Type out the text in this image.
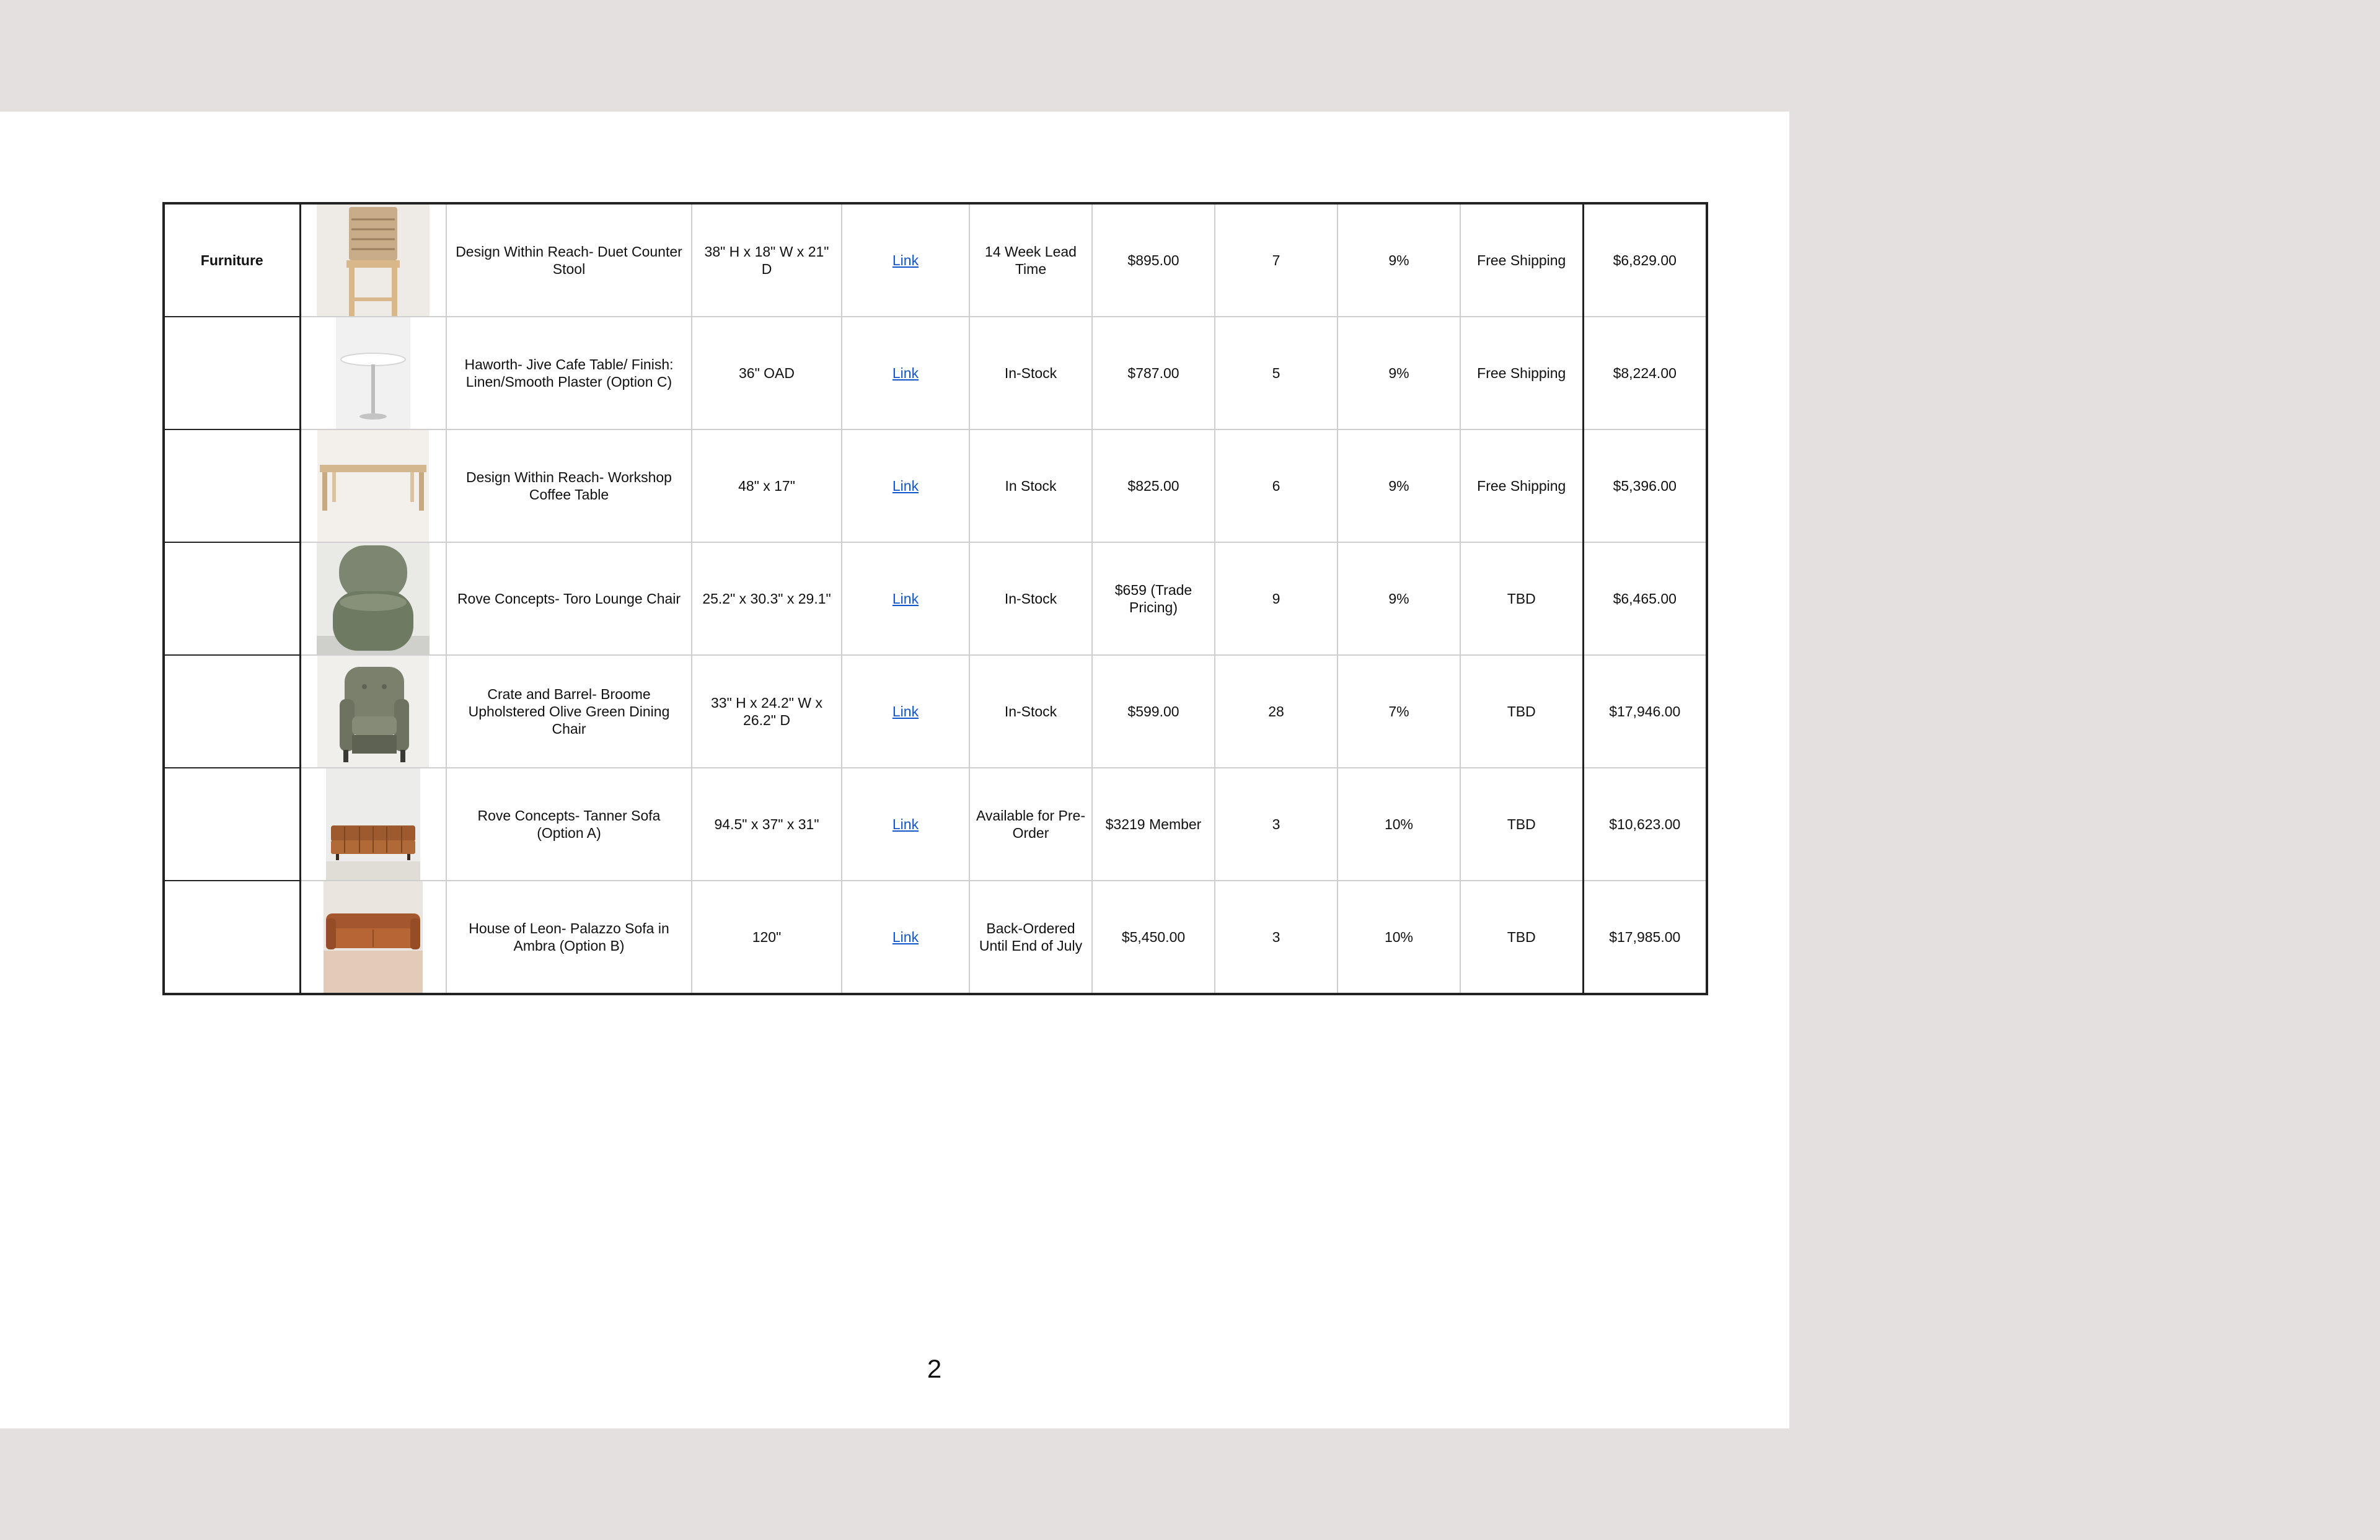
Furniture		Design Within Reach- Duet Counter Stool	38" H x 18" W x 21" D	Link	14 Week Lead Time	$895.00	7	9%	Free Shipping	$6,829.00

	Haworth- Jive Cafe Table/ Finish: Linen/Smooth Plaster (Option C)	36" OAD	Link	In-Stock	$787.00	5	9%	Free Shipping	$8,224.00

	Design Within Reach- Workshop Coffee Table	48" x 17"	Link	In Stock	$825.00	6	9%	Free Shipping	$5,396.00

	Rove Concepts- Toro Lounge Chair	25.2" x 30.3" x 29.1"	Link	In-Stock	$659 (Trade Pricing)	9	9%	TBD	$6,465.00

	Crate and Barrel- Broome Upholstered Olive Green Dining Chair	33" H x 24.2" W x 26.2" D	Link	In-Stock	$599.00	28	7%	TBD	$17,946.00

	Rove Concepts- Tanner Sofa (Option A)	94.5" x 37" x 31"	Link	Available for Pre-Order	$3219 Member	3	10%	TBD	$10,623.00

	House of Leon- Palazzo Sofa in Ambra (Option B)	120"	Link	Back-Ordered Until End of July	$5,450.00	3	10%	TBD	$17,985.00
2
